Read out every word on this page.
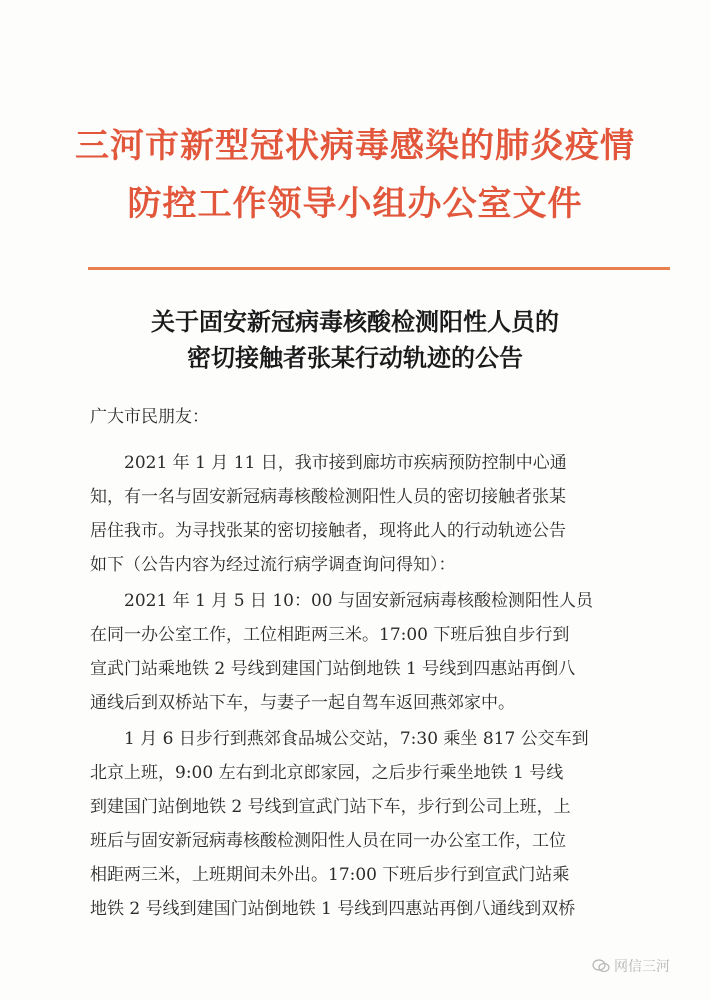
三河市新型冠状病毒感染的肺炎疫情
防控工作领导小组办公室文件
关于固安新冠病毒核酸检测阳性人员的
密切接触者张某行动轨迹的公告
广大市民朋友：
2021 年 1 月 11 日，我市接到廊坊市疾病预防控制中心通
知，有一名与固安新冠病毒核酸检测阳性人员的密切接触者张某
居住我市。为寻找张某的密切接触者，现将此人的行动轨迹公告
如下（公告内容为经过流行病学调查询问得知）：
2021 年 1 月 5 日 10：00 与固安新冠病毒核酸检测阳性人员
在同一办公室工作，工位相距两三米。17:00 下班后独自步行到
宣武门站乘地铁 2 号线到建国门站倒地铁 1 号线到四惠站再倒八
通线后到双桥站下车，与妻子一起自驾车返回燕郊家中。
1 月 6 日步行到燕郊食品城公交站，7:30 乘坐 817 公交车到
北京上班，9:00 左右到北京郎家园，之后步行乘坐地铁 1 号线
到建国门站倒地铁 2 号线到宣武门站下车，步行到公司上班，上
班后与固安新冠病毒核酸检测阳性人员在同一办公室工作，工位
相距两三米，上班期间未外出。17:00 下班后步行到宣武门站乘
地铁 2 号线到建国门站倒地铁 1 号线到四惠站再倒八通线到双桥
网信三河
